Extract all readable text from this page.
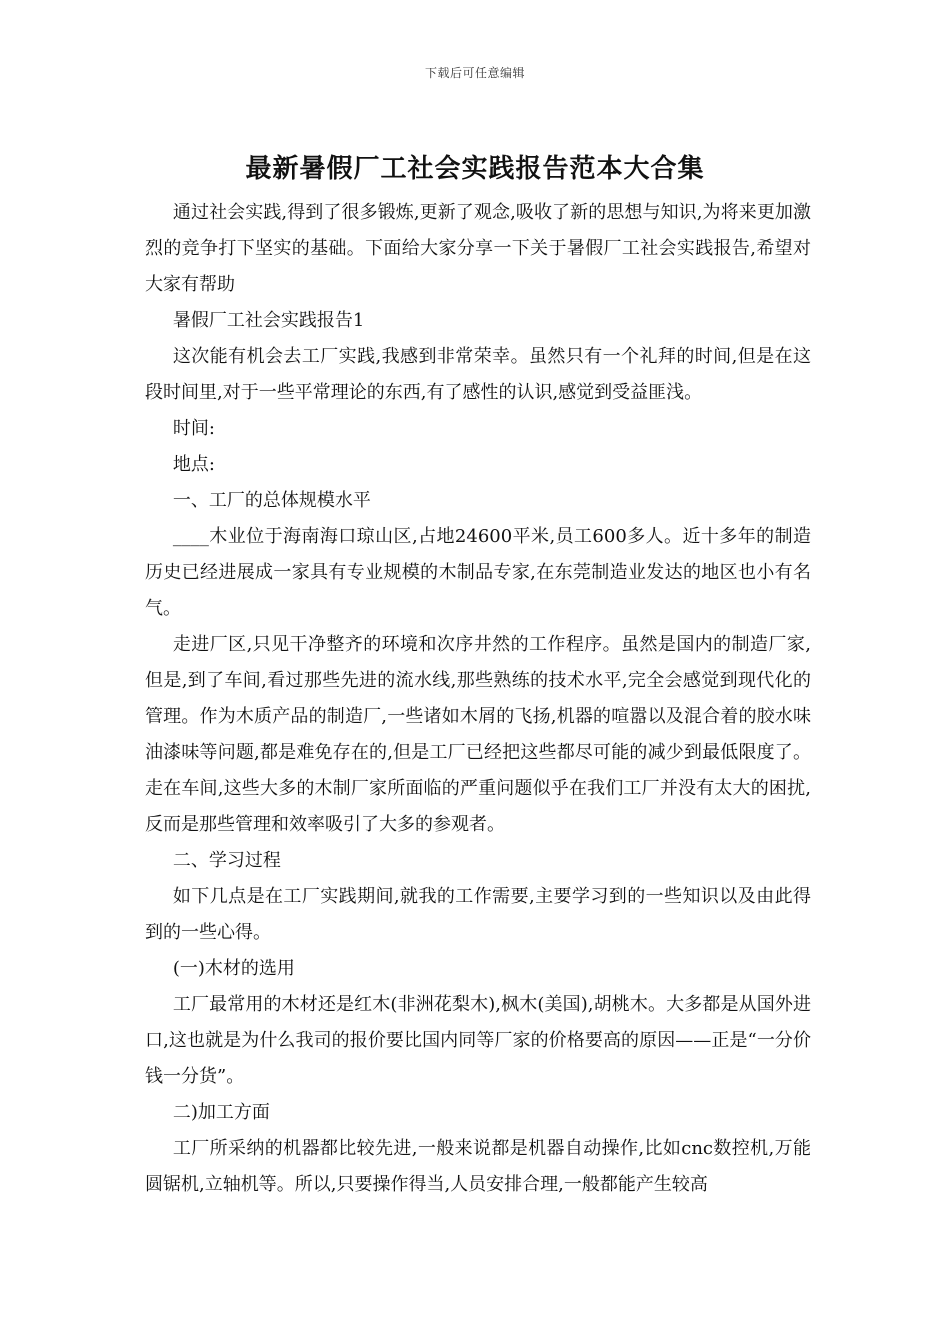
下载后可任意编辑
最新暑假厂工社会实践报告范本大合集

通过社会实践,得到了很多锻炼,更新了观念,吸收了新的思想与知识,为将来更加激烈的竞争打下坚实的基础。下面给大家分享一下关于暑假厂工社会实践报告,希望对大家有帮助

暑假厂工社会实践报告1

这次能有机会去工厂实践,我感到非常荣幸。虽然只有一个礼拜的时间,但是在这段时间里,对于一些平常理论的东西,有了感性的认识,感觉到受益匪浅。

时间:

地点:

一、工厂的总体规模水平

____木业位于海南海口琼山区,占地24600平米,员工600多人。近十多年的制造历史已经进展成一家具有专业规模的木制品专家,在东莞制造业发达的地区也小有名气。

走进厂区,只见干净整齐的环境和次序井然的工作程序。虽然是国内的制造厂家,但是,到了车间,看过那些先进的流水线,那些熟练的技术水平,完全会感觉到现代化的管理。作为木质产品的制造厂,一些诸如木屑的飞扬,机器的喧嚣以及混合着的胶水味油漆味等问题,都是难免存在的,但是工厂已经把这些都尽可能的减少到最低限度了。走在车间,这些大多的木制厂家所面临的严重问题似乎在我们工厂并没有太大的困扰,反而是那些管理和效率吸引了大多的参观者。

二、学习过程

如下几点是在工厂实践期间,就我的工作需要,主要学习到的一些知识以及由此得到的一些心得。

(一)木材的选用

工厂最常用的木材还是红木(非洲花梨木),枫木(美国),胡桃木。大多都是从国外进口,这也就是为什么我司的报价要比国内同等厂家的价格要高的原因——正是“一分价钱一分货”。

二)加工方面

工厂所采纳的机器都比较先进,一般来说都是机器自动操作,比如cnc数控机,万能圆锯机,立轴机等。所以,只要操作得当,人员安排合理,一般都能产生较高
